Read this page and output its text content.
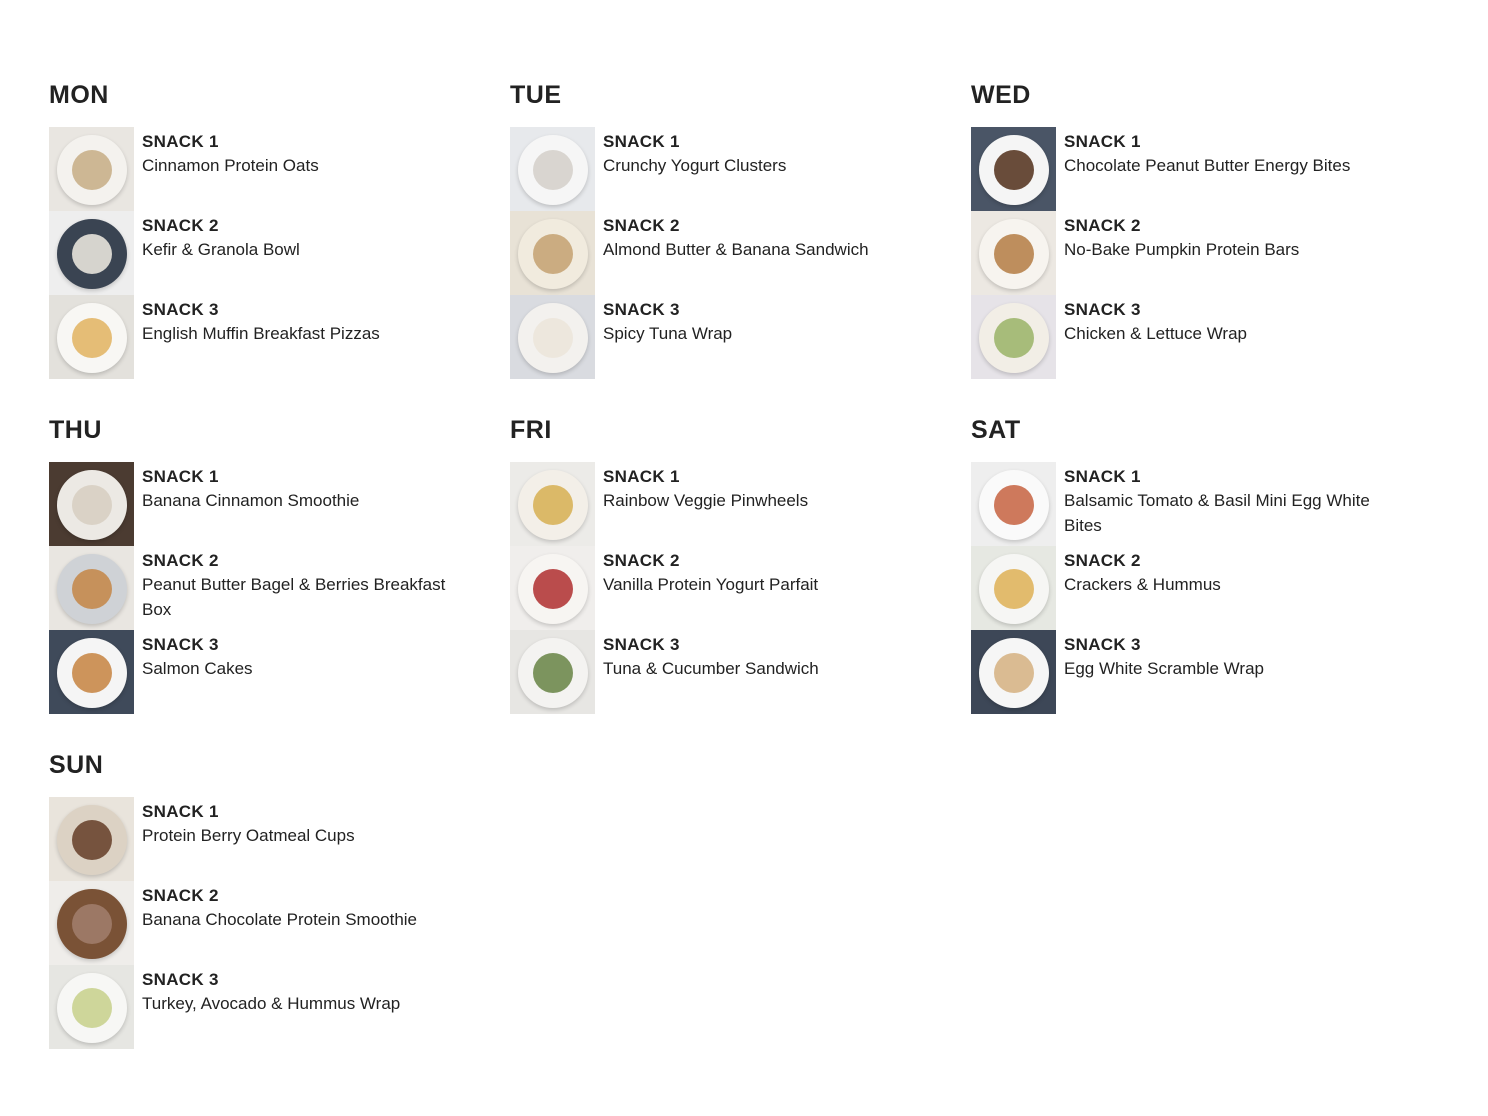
MON
SNACK 1
Cinnamon Protein Oats
SNACK 2
Kefir & Granola Bowl
SNACK 3
English Muffin Breakfast Pizzas
TUE
SNACK 1
Crunchy Yogurt Clusters
SNACK 2
Almond Butter & Banana Sandwich
SNACK 3
Spicy Tuna Wrap
WED
SNACK 1
Chocolate Peanut Butter Energy Bites
SNACK 2
No-Bake Pumpkin Protein Bars
SNACK 3
Chicken & Lettuce Wrap
THU
SNACK 1
Banana Cinnamon Smoothie
SNACK 2
Peanut Butter Bagel & Berries Breakfast Box
SNACK 3
Salmon Cakes
FRI
SNACK 1
Rainbow Veggie Pinwheels
SNACK 2
Vanilla Protein Yogurt Parfait
SNACK 3
Tuna & Cucumber Sandwich
SAT
SNACK 1
Balsamic Tomato & Basil Mini Egg White Bites
SNACK 2
Crackers & Hummus
SNACK 3
Egg White Scramble Wrap
SUN
SNACK 1
Protein Berry Oatmeal Cups
SNACK 2
Banana Chocolate Protein Smoothie
SNACK 3
Turkey, Avocado & Hummus Wrap
